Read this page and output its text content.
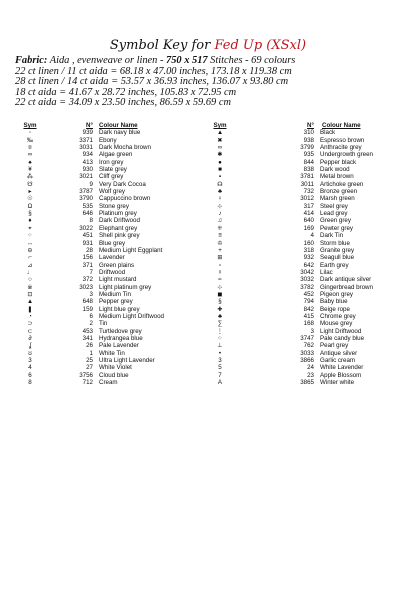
Symbol Key for Fed Up (XSxl)
Fabric: Aida , evenweave or linen - 750 x 517 Stitches - 69 colours
22 ct linen / 11 ct aida = 68.18 x 47.00 inches, 173.18 x 119.38 cm
28 ct linen / 14 ct aida = 53.57 x 36.93 inches, 136.07 x 93.80 cm
18 ct aida = 41.67 x 28.72 inches, 105.83 x 72.95 cm
22 ct aida = 34.09 x 23.50 inches, 86.59 x 59.69 cm
Sym	N° Colour Name
◦	939 Dark navy blue
‰	3371 Ebony
¤	3031 Dark Mocha brown
∞	934 Algae green
♠	413 Iron grey
¥	930 Slate grey
⁂	3021 Cliff grey
☋	9 Very Dark Cocoa
▸	3787 Wolf grey
☉	3790 Cappuccino brown
Ω	535 Stone grey
§	646 Platinum grey
♦	8 Dark Driftwood
⌖	3022 Elephant grey
⁘	451 Shell pink grey
↔	931 Blue grey
⊖	28 Medium Light Eggplant
⌐	156 Lavender
⊿	371 Green plains
♩	7 Driftwood
○	372 Light mustard
※	3023 Light platinum grey
⊡	3 Medium Tin
▲	648 Pepper grey
❚	159 Light blue grey
◔	6 Medium Light Driftwood
⊃	2 Tin
⊂	453 Turtledove grey
∂	341 Hydrangea blue
ʆ	26 Pale Lavender
ʊ	1 White Tin
3	25 Ultra Light Lavender
4	27 White Violet
6	3756 Cloud blue
8	712 Cream
Sym	N°	Colour Name
▲	310 Black
✖	938 Espresso brown
∞	3799 Anthracite grey
✱	935 Undergrowth green
●	844 Pepper black
■	838 Dark wood
▪	3781 Metal brown
☊	3011 Artichoke green
♣	732 Bronze green
♀	3012 Marsh green
⊹	317 Steel grey
♪	414 Lead grey
♫	640 Green grey
⁜	169 Pewter grey
≡	4 Dark Tin
♔	160 Storm blue
+	318 Granite grey
⊞	932 Seagull blue
▫	642 Earth grey
☓	3042 Lilac
≈	3032 Dark antique silver
⊹	3782 Gingerbread brown
◼	452 Pigeon grey
§	794 Baby blue
✚	842 Beige rope
♣	415 Chrome grey
∑	168 Mouse grey
⋮	3 Light Driftwood
⁘	3747 Pale candy blue
⊥	762 Pearl grey
•	3033 Antique silver
3	3866 Garlic cream
5	24 White Lavender
7	23 Apple Blossom
A	3865 Winter white
